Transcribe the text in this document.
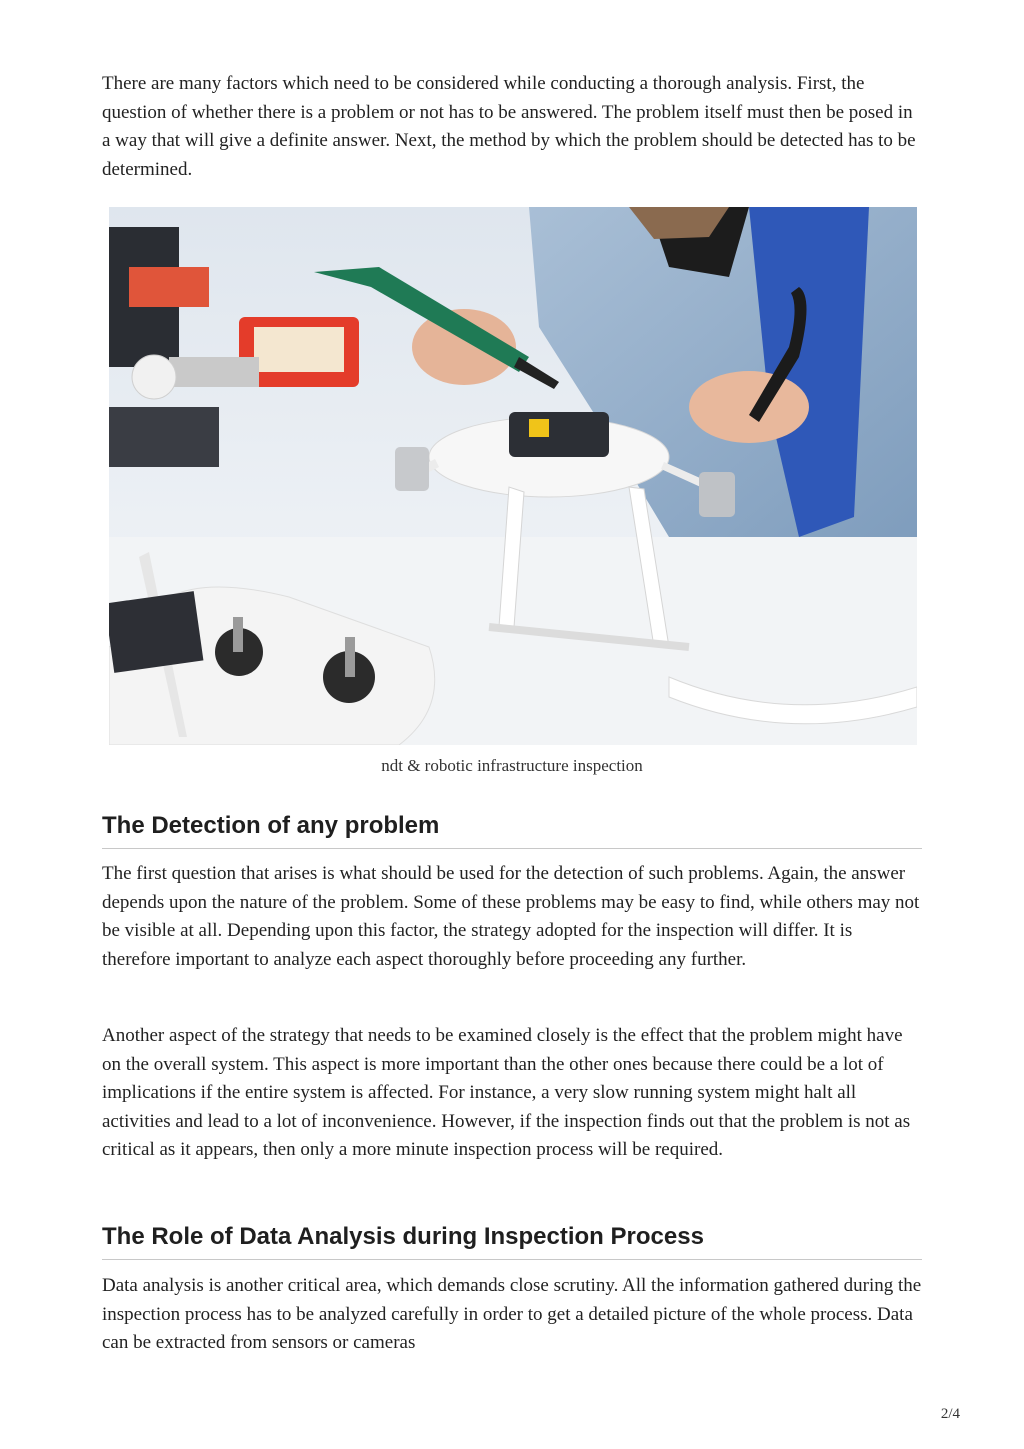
There are many factors which need to be considered while conducting a thorough analysis. First, the question of whether there is a problem or not has to be answered. The problem itself must then be posed in a way that will give a definite answer. Next, the method by which the problem should be detected has to be determined.

ndt & robotic infrastructure inspection
The Detection of any problem

The first question that arises is what should be used for the detection of such problems. Again, the answer depends upon the nature of the problem. Some of these problems may be easy to find, while others may not be visible at all. Depending upon this factor, the strategy adopted for the inspection will differ. It is therefore important to analyze each aspect thoroughly before proceeding any further.

Another aspect of the strategy that needs to be examined closely is the effect that the problem might have on the overall system. This aspect is more important than the other ones because there could be a lot of implications if the entire system is affected. For instance, a very slow running system might halt all activities and lead to a lot of inconvenience. However, if the inspection finds out that the problem is not as critical as it appears, then only a more minute inspection process will be required.

The Role of Data Analysis during Inspection Process

Data analysis is another critical area, which demands close scrutiny. All the information gathered during the inspection process has to be analyzed carefully in order to get a detailed picture of the whole process. Data can be extracted from sensors or cameras

2/4
